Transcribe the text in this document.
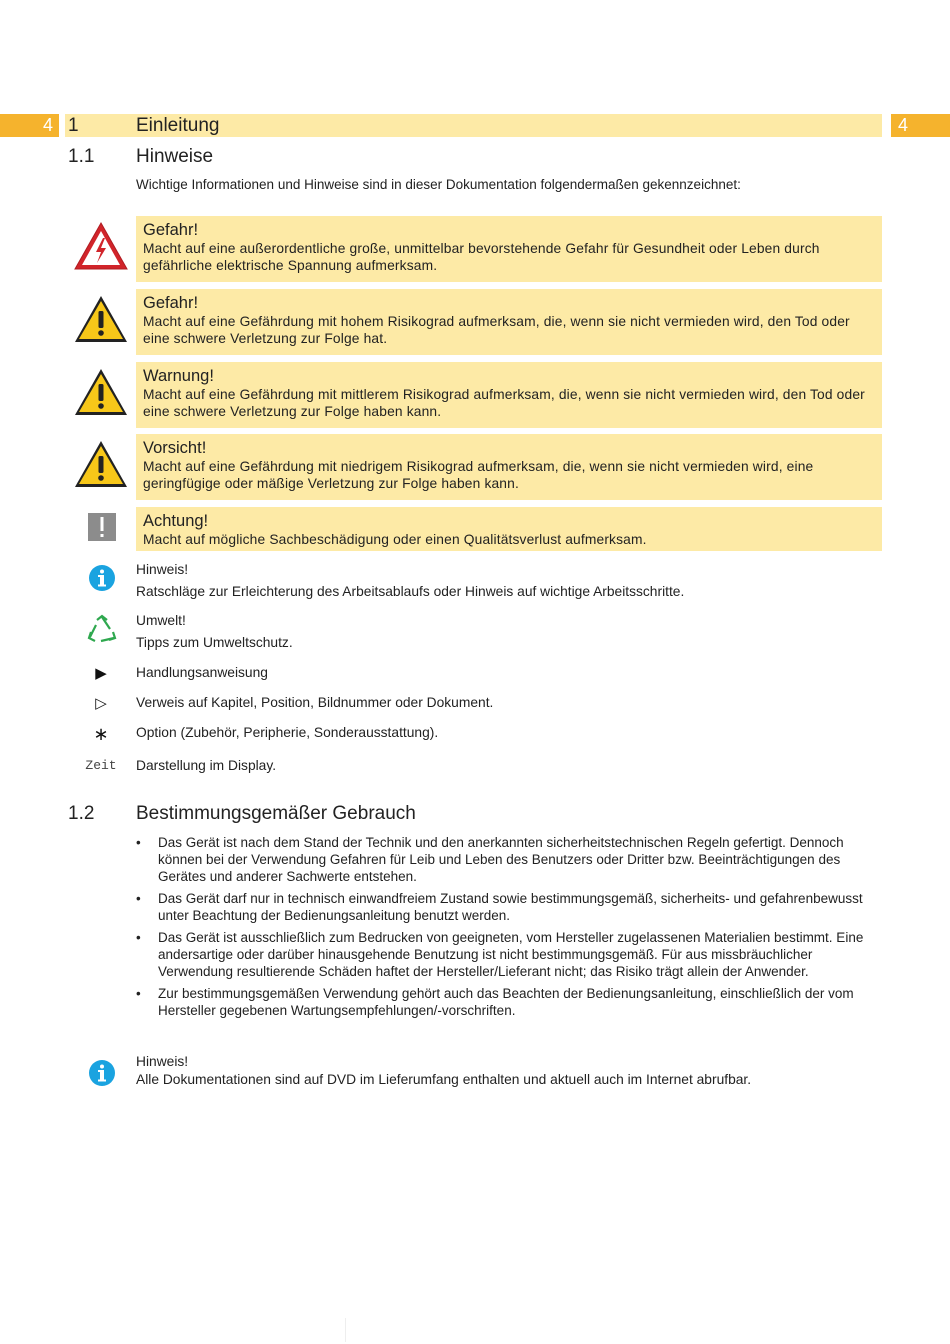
4 1	Einleitung	4
1.1 Hinweise
Wichtige Informationen und Hinweise sind in dieser Dokumentation folgendermaßen gekennzeichnet:
Gefahr!
Macht auf eine außerordentliche große, unmittelbar bevorstehende Gefahr für Gesundheit oder Leben durch gefährliche elektrische Spannung aufmerksam.
Gefahr!
Macht auf eine Gefährdung mit hohem Risikograd aufmerksam, die, wenn sie nicht vermieden wird, den Tod oder eine schwere Verletzung zur Folge hat.
Warnung!
Macht auf eine Gefährdung mit mittlerem Risikograd aufmerksam, die, wenn sie nicht vermieden wird, den Tod oder eine schwere Verletzung zur Folge haben kann.
Vorsicht!
Macht auf eine Gefährdung mit niedrigem Risikograd aufmerksam, die, wenn sie nicht vermieden wird, eine geringfügige oder mäßige Verletzung zur Folge haben kann.
Achtung!
Macht auf mögliche Sachbeschädigung oder einen Qualitätsverlust aufmerksam.
Hinweis!
Ratschläge zur Erleichterung des Arbeitsablaufs oder Hinweis auf wichtige Arbeitsschritte.
Umwelt!
Tipps zum Umweltschutz.
▶	Handlungsanweisung
▷	Verweis auf Kapitel, Position, Bildnummer oder Dokument.
∗	Option (Zubehör, Peripherie, Sonderausstattung).
Zeit Darstellung im Display.
1.2 Bestimmungsgemäßer Gebrauch
• Das Gerät ist nach dem Stand der Technik und den anerkannten sicherheitstechnischen Regeln gefertigt. Dennoch können bei der Verwendung Gefahren für Leib und Leben des Benutzers oder Dritter bzw. Beeinträchtigungen des Gerätes und anderer Sachwerte entstehen.
• Das Gerät darf nur in technisch einwandfreiem Zustand sowie bestimmungsgemäß, sicherheits- und gefahrenbewusst unter Beachtung der Bedienungsanleitung benutzt werden.
• Das Gerät ist ausschließlich zum Bedrucken von geeigneten, vom Hersteller zugelassenen Materialien bestimmt. Eine andersartige oder darüber hinausgehende Benutzung ist nicht bestimmungsgemäß. Für aus missbräuchlicher Verwendung resultierende Schäden haftet der Hersteller/Lieferant nicht; das Risiko trägt allein der Anwender.
• Zur bestimmungsgemäßen Verwendung gehört auch das Beachten der Bedienungsanleitung, einschließlich der vom Hersteller gegebenen Wartungsempfehlungen/-vorschriften.
Hinweis!
Alle Dokumentationen sind auf DVD im Lieferumfang enthalten und aktuell auch im Internet abrufbar.
